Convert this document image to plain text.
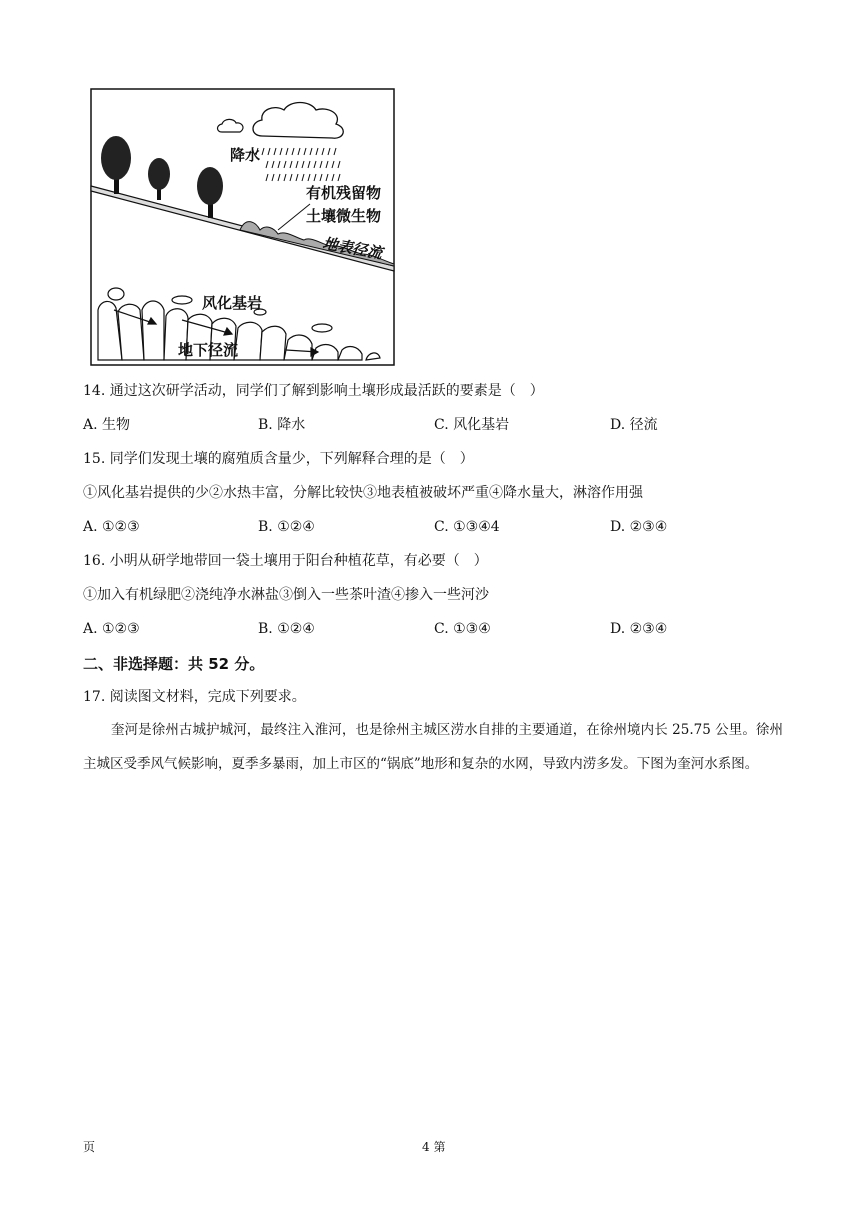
降水
有机残留物
土壤微生物
地表径流
风化基岩
地下径流
14. 通过这次研学活动，同学们了解到影响土壤形成最活跃的要素是（　）
A. 生物	B. 降水	C. 风化基岩	D. 径流
15. 同学们发现土壤的腐殖质含量少，下列解释合理的是（　）
①风化基岩提供的少②水热丰富，分解比较快③地表植被破坏严重④降水量大，淋溶作用强
A. ①②③	B. ①②④	C. ①③④4	D. ②③④
16. 小明从研学地带回一袋土壤用于阳台种植花草，有必要（　）
①加入有机绿肥②浇纯净水淋盐③倒入一些茶叶渣④掺入一些河沙
A. ①②③	B. ①②④	C. ①③④	D. ②③④
二、非选择题：共 52 分。
17. 阅读图文材料，完成下列要求。
奎河是徐州古城护城河，最终注入淮河，也是徐州主城区涝水自排的主要通道，在徐州境内长 25.75 公里。徐州主城区受季风气候影响，夏季多暴雨，加上市区的“锅底”地形和复杂的水网，导致内涝多发。下图为奎河水系图。
页	4 第
